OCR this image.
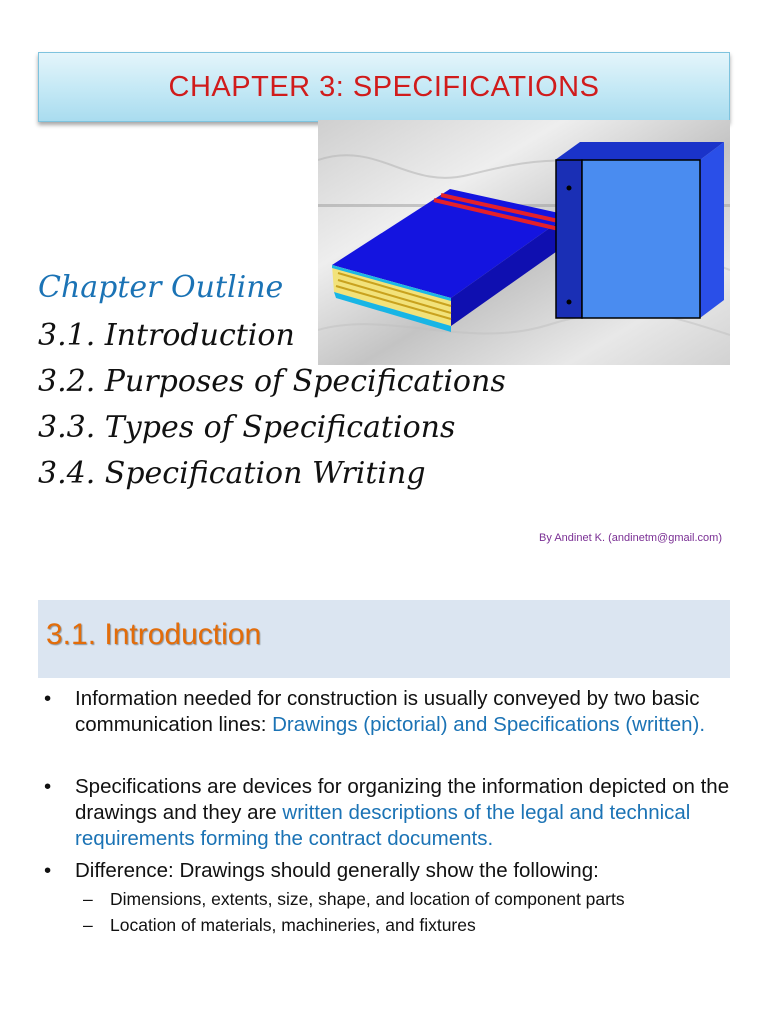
CHAPTER 3: SPECIFICATIONS
Chapter Outline
3.1. Introduction
3.2. Purposes of Specifications
3.3. Types of Specifications
3.4. Specification Writing
By Andinet K. (andinetm@gmail.com)
3.1. Introduction
• Information needed for construction is usually conveyed by two basic communication lines: Drawings (pictorial) and Specifications (written).
• Specifications are devices for organizing the information depicted on the drawings and they are written descriptions of the legal and technical requirements forming the contract documents.
• Difference: Drawings should generally show the following:
– Dimensions, extents, size, shape, and location of component parts
– Location of materials, machineries, and fixtures
